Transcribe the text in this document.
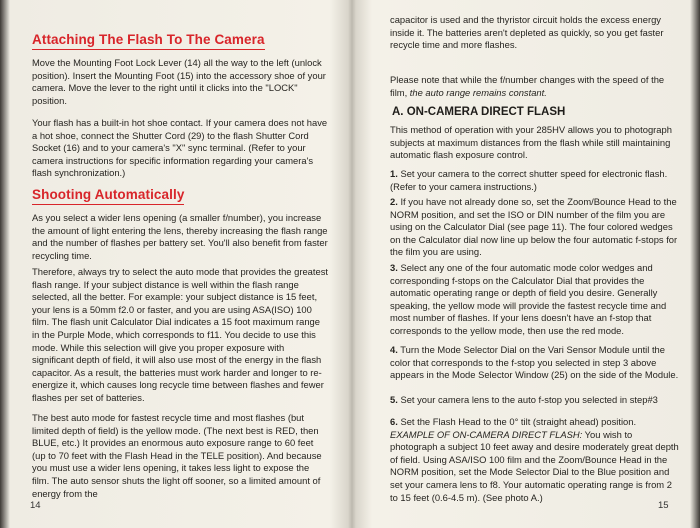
Attaching The Flash To The Camera

Move the Mounting Foot Lock Lever (14) all the way to the left (unlock position). Insert the Mounting Foot (15) into the accessory shoe of your camera. Move the lever to the right until it clicks into the "LOCK" position.

Your flash has a built-in hot shoe contact. If your camera does not have a hot shoe, connect the Shutter Cord (29) to the flash Shutter Cord Socket (16) and to your camera's "X" sync terminal. (Refer to your camera instructions for specific information regarding your camera's flash synchronization.)

Shooting Automatically

As you select a wider lens opening (a smaller f/number), you increase the amount of light entering the lens, thereby increasing the flash range and the number of flashes per battery set. You'll also benefit from faster recycling time.

Therefore, always try to select the auto mode that provides the greatest flash range. If your subject distance is well within the flash range selected, all the better. For example: your subject distance is 15 feet, your lens is a 50mm f2.0 or faster, and you are using ASA(ISO) 100 film. The flash unit Calculator Dial indicates a 15 foot maximum range in the Purple Mode, which corresponds to f11. You decide to use this mode. While this selection will give you proper exposure with significant depth of field, it will also use most of the energy in the flash capacitor. As a result, the batteries must work harder and longer to re-energize it, which causes long recycle time between flashes and fewer flashes per set of batteries.

The best auto mode for fastest recycle time and most flashes (but limited depth of field) is the yellow mode. (The next best is RED, then BLUE, etc.) It provides an enormous auto exposure range to 60 feet (up to 70 feet with the Flash Head in the TELE position). And because you must use a wider lens opening, it takes less light to expose the film. The auto sensor shuts the light off sooner, so a limited amount of energy from the

14

capacitor is used and the thyristor circuit holds the excess energy inside it. The batteries aren't depleted as quickly, so you get faster recycle time and more flashes.

Please note that while the f/number changes with the speed of the film, the auto range remains constant.

A. ON-CAMERA DIRECT FLASH

This method of operation with your 285HV allows you to photograph subjects at maximum distances from the flash while still maintaining automatic flash exposure control.

1. Set your camera to the correct shutter speed for electronic flash. (Refer to your camera instructions.)

2. If you have not already done so, set the Zoom/Bounce Head to the NORM position, and set the ISO or DIN number of the film you are using on the Calculator Dial (see page 11). The four colored wedges on the Calculator dial now line up below the four automatic f-stops for the film you are using.

3. Select any one of the four automatic mode color wedges and corresponding f-stops on the Calculator Dial that provides the automatic operating range or depth of field you desire. Generally speaking, the yellow mode will provide the fastest recycle time and most number of flashes. If your lens doesn't have an f-stop that corresponds to the yellow mode, then use the red mode.

4. Turn the Mode Selector Dial on the Vari Sensor Module until the color that corresponds to the f-stop you selected in step 3 above appears in the Mode Selector Window (25) on the side of the Module.

5. Set your camera lens to the auto f-stop you selected in step#3

6. Set the Flash Head to the 0° tilt (straight ahead) position. EXAMPLE OF ON-CAMERA DIRECT FLASH: You wish to photograph a subject 10 feet away and desire moderately great depth of field. Using ASA/ISO 100 film and the Zoom/Bounce Head in the NORM position, set the Mode Selector Dial to the Blue position and set your camera lens to f8. Your automatic operating range is from 2 to 15 feet (0.6-4.5 m). (See photo A.)

15
